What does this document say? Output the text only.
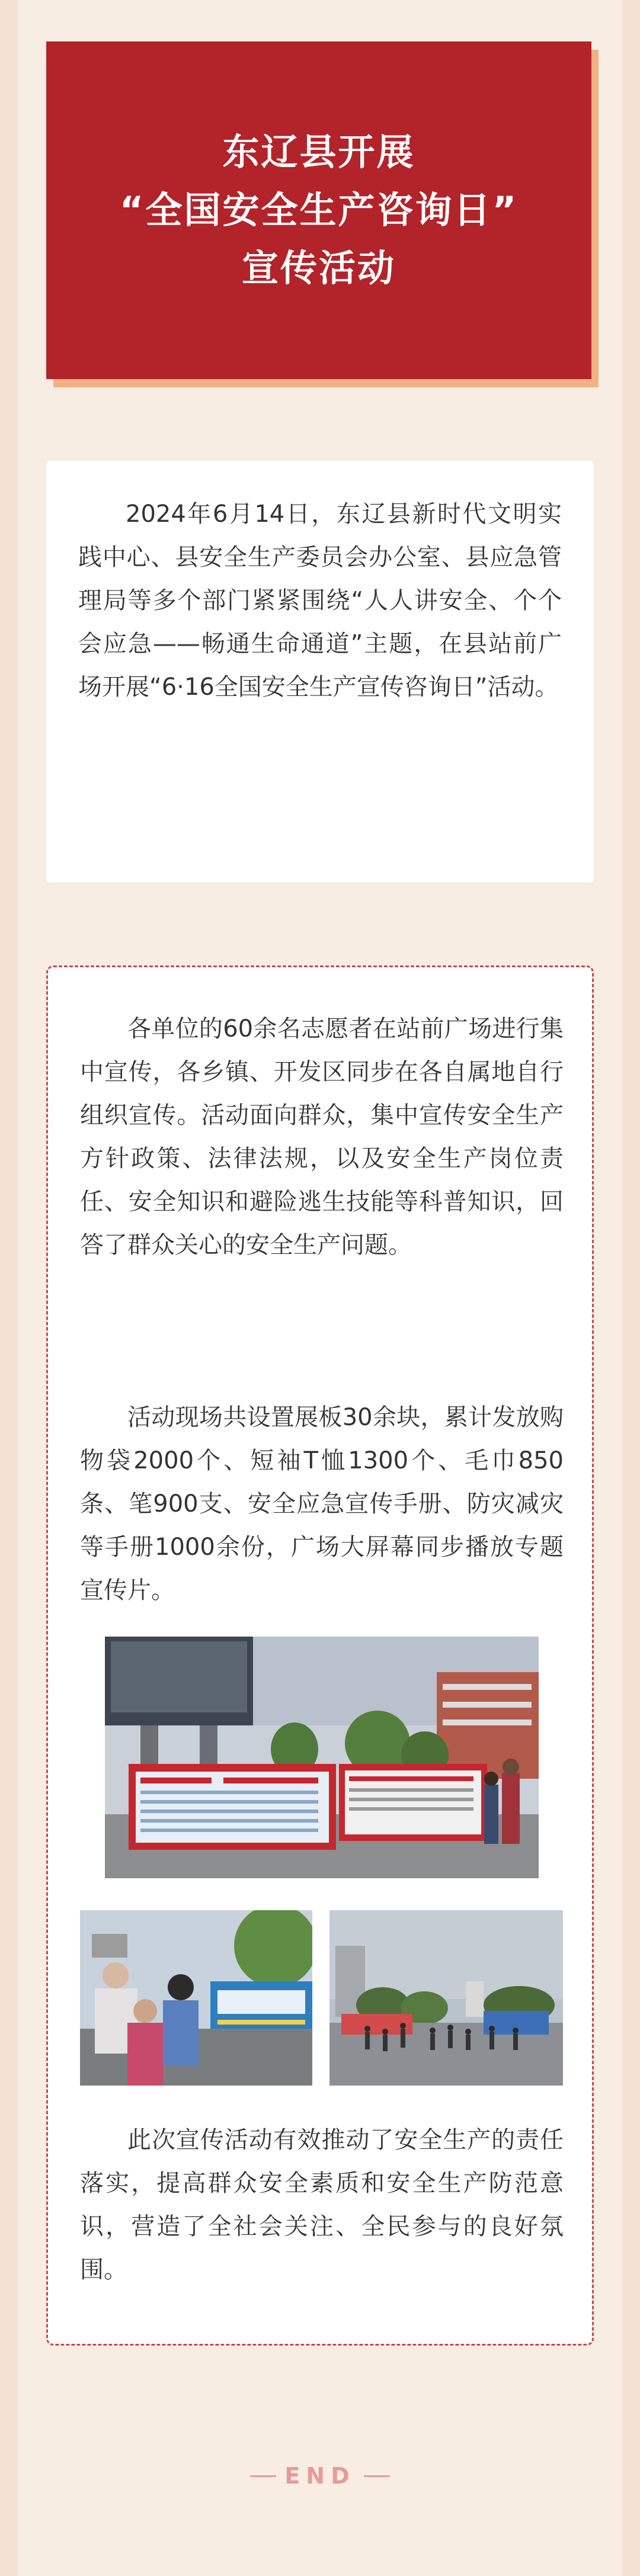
东辽县开展
“全国安全生产咨询日”
宣传活动

2024年6月14日，东辽县新时代文明实践中心、县安全生产委员会办公室、县应急管理局等多个部门紧紧围绕“人人讲安全、个个会应急——畅通生命通道”主题，在县站前广场开展“6·16全国安全生产宣传咨询日”活动。

各单位的60余名志愿者在站前广场进行集中宣传，各乡镇、开发区同步在各自属地自行组织宣传。活动面向群众，集中宣传安全生产方针政策、法律法规，以及安全生产岗位责任、安全知识和避险逃生技能等科普知识，回答了群众关心的安全生产问题。

活动现场共设置展板30余块，累计发放购物袋2000个、短袖T恤1300个、毛巾850条、笔900支、安全应急宣传手册、防灾减灾等手册1000余份，广场大屏幕同步播放专题宣传片。

此次宣传活动有效推动了安全生产的责任落实，提高群众安全素质和安全生产防范意识，营造了全社会关注、全民参与的良好氛围。

END
